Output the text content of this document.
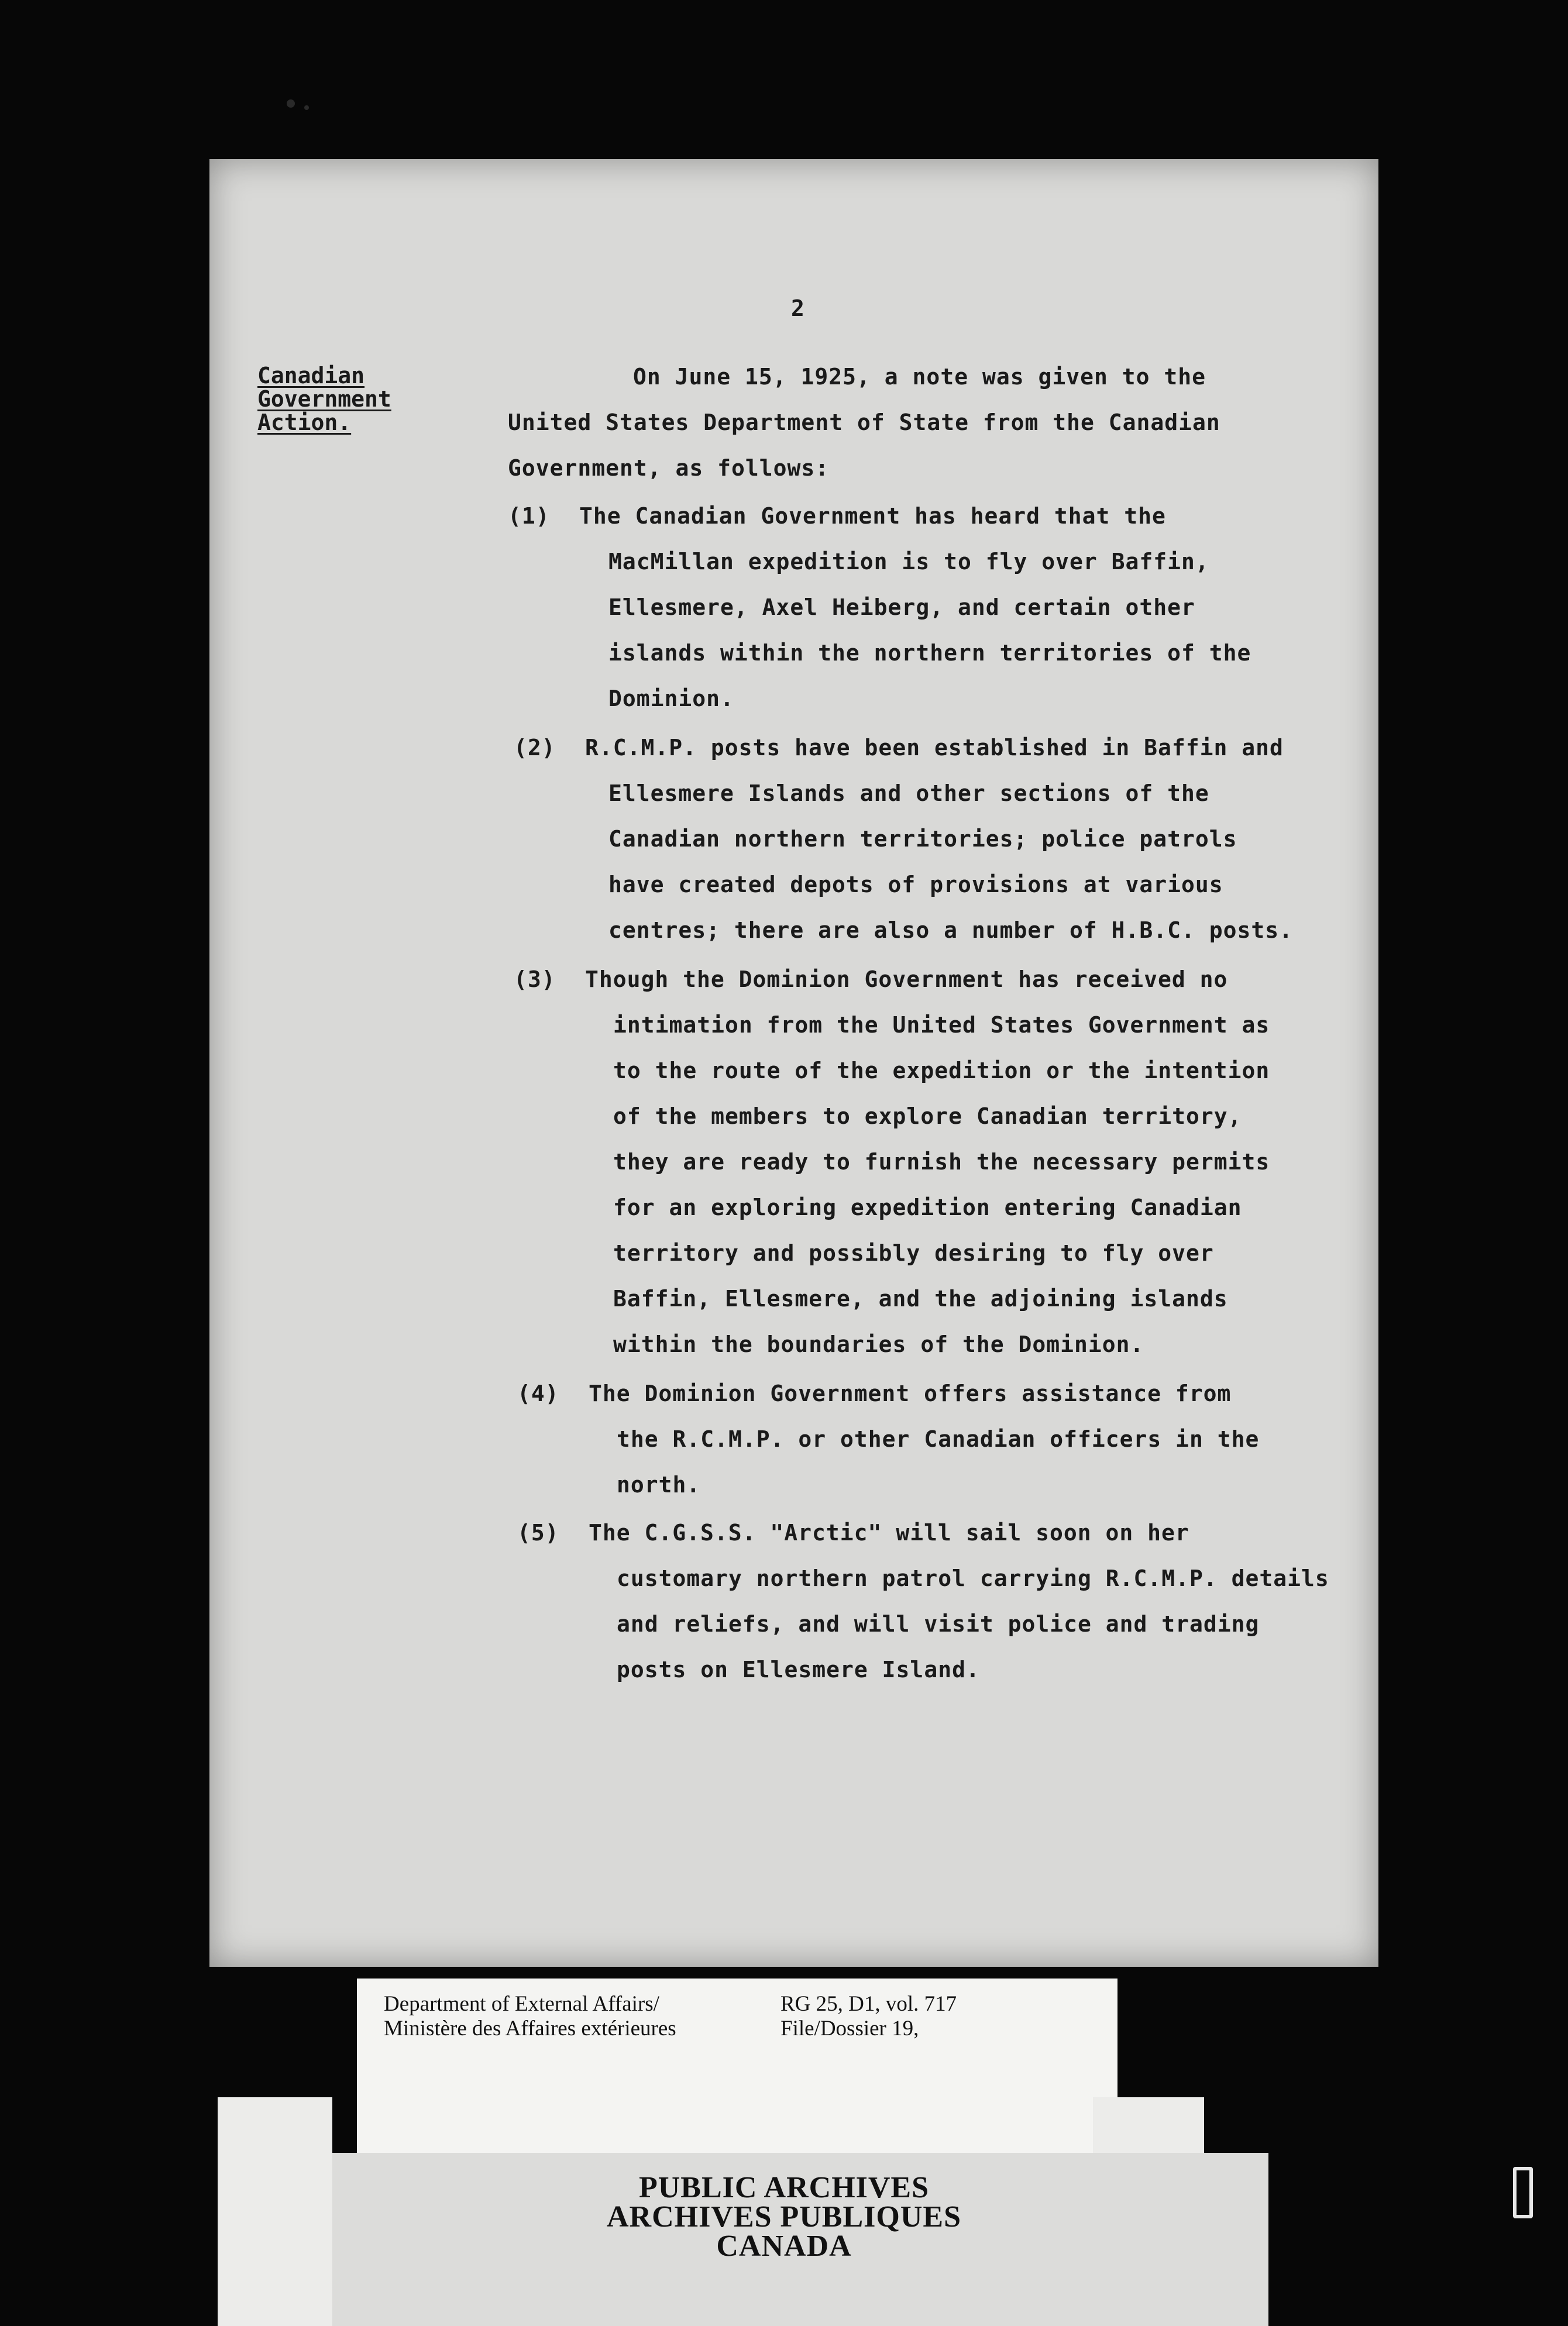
2
Canadian
Government
Action.
On June 15, 1925, a note was given to the
United States Department of State from the Canadian
Government, as follows:
(1) The Canadian Government has heard that the
MacMillan expedition is to fly over Baffin,
Ellesmere, Axel Heiberg, and certain other
islands within the northern territories of the
Dominion.
(2) R.C.M.P. posts have been established in Baffin and
Ellesmere Islands and other sections of the
Canadian northern territories; police patrols
have created depots of provisions at various
centres; there are also a number of H.B.C. posts.
(3) Though the Dominion Government has received no
intimation from the United States Government as
to the route of the expedition or the intention
of the members to explore Canadian territory,
they are ready to furnish the necessary permits
for an exploring expedition entering Canadian
territory and possibly desiring to fly over
Baffin, Ellesmere, and the adjoining islands
within the boundaries of the Dominion.
(4) The Dominion Government offers assistance from
the R.C.M.P. or other Canadian officers in the
north.
(5) The C.G.S.S. "Arctic" will sail soon on her
customary northern patrol carrying R.C.M.P. details
and reliefs, and will visit police and trading
posts on Ellesmere Island.
Department of External Affairs/
Ministère des Affaires extérieures
RG 25, D1, vol. 717
File/Dossier 19,
PUBLIC ARCHIVES
ARCHIVES PUBLIQUES
CANADA
